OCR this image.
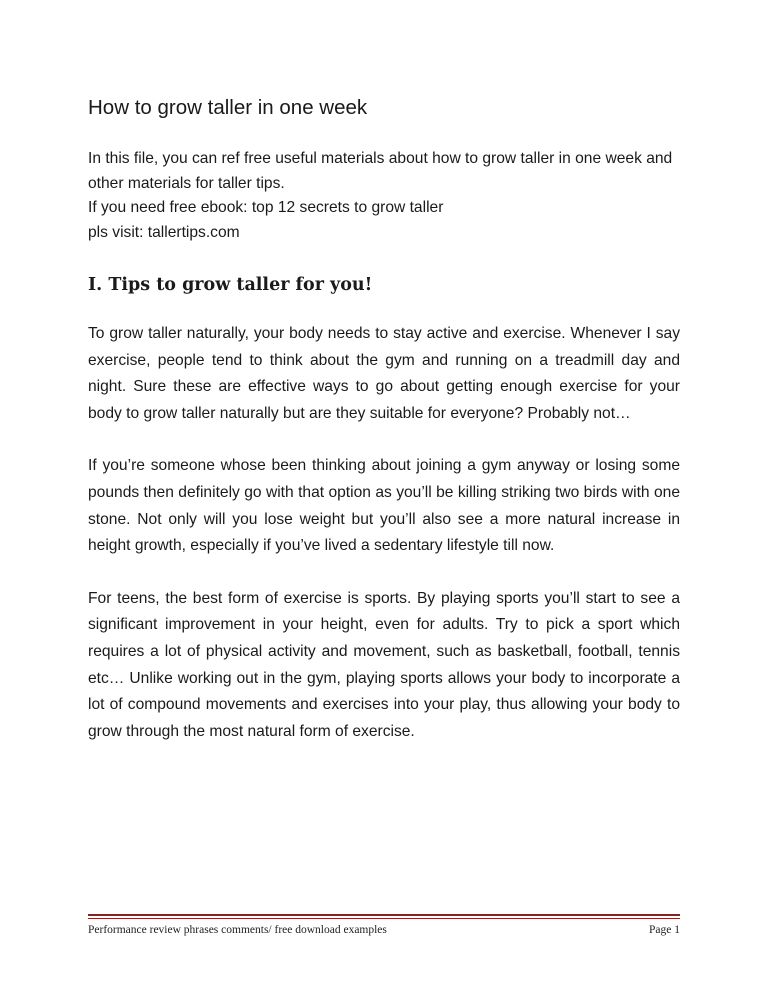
How to grow taller in one week

In this file, you can ref free useful materials about how to grow taller in one week and other materials for taller tips.

If you need free ebook: top 12 secrets to grow taller

pls visit: tallertips.com

I. Tips to grow taller for you!

To grow taller naturally, your body needs to stay active and exercise. Whenever I say exercise, people tend to think about the gym and running on a treadmill day and night. Sure these are effective ways to go about getting enough exercise for your body to grow taller naturally but are they suitable for everyone? Probably not…

If you’re someone whose been thinking about joining a gym anyway or losing some pounds then definitely go with that option as you’ll be killing striking two birds with one stone. Not only will you lose weight but you’ll also see a more natural increase in height growth, especially if you’ve lived a sedentary lifestyle till now.

For teens, the best form of exercise is sports. By playing sports you’ll start to see a significant improvement in your height, even for adults. Try to pick a sport which requires a lot of physical activity and movement, such as basketball, football, tennis etc… Unlike working out in the gym, playing sports allows your body to incorporate a lot of compound movements and exercises into your play, thus allowing your body to grow through the most natural form of exercise.

Performance review phrases comments/ free download examples	Page 1
